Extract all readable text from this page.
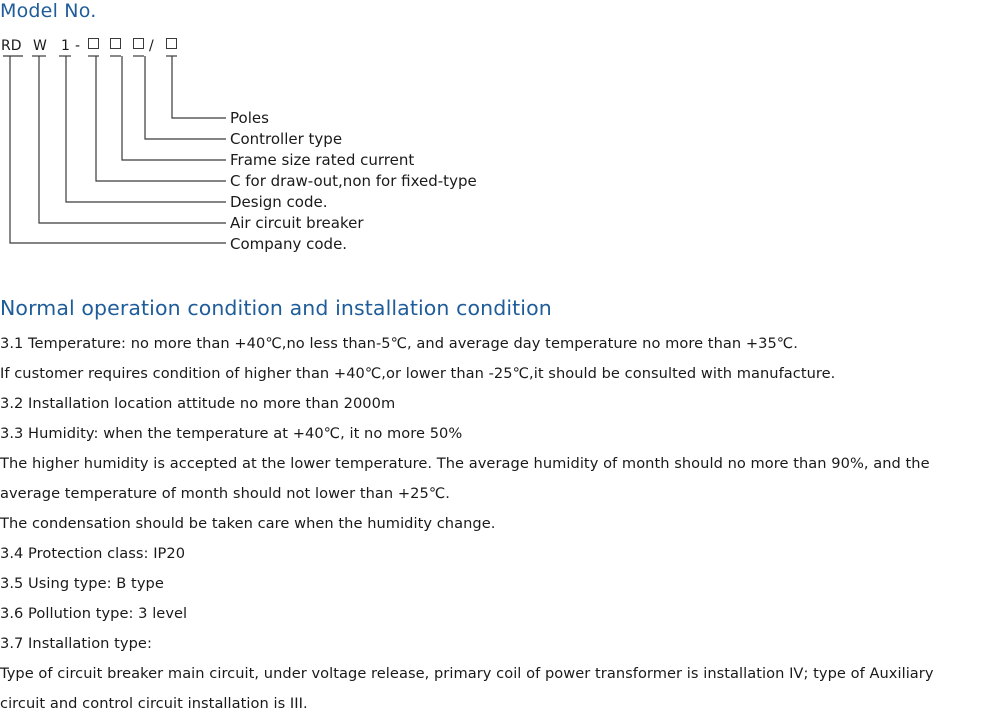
Model No.
RD W 1 -	/
Poles
Controller type
Frame size rated current
C for draw-out,non for fixed-type
Design code.
Air circuit breaker
Company code.
Normal operation condition and installation condition

3.1 Temperature: no more than +40℃,no less than-5℃, and average day temperature no more than +35℃.

If customer requires condition of higher than +40℃,or lower than -25℃,it should be consulted with manufacture.

3.2 Installation location attitude no more than 2000m

3.3 Humidity: when the temperature at +40℃, it no more 50%

The higher humidity is accepted at the lower temperature. The average humidity of month should no more than 90%, and the

average temperature of month should not lower than +25℃.

The condensation should be taken care when the humidity change.

3.4 Protection class: IP20

3.5 Using type: B type

3.6 Pollution type: 3 level

3.7 Installation type:

Type of circuit breaker main circuit, under voltage release, primary coil of power transformer is installation IV; type of Auxiliary

circuit and control circuit installation is III.
